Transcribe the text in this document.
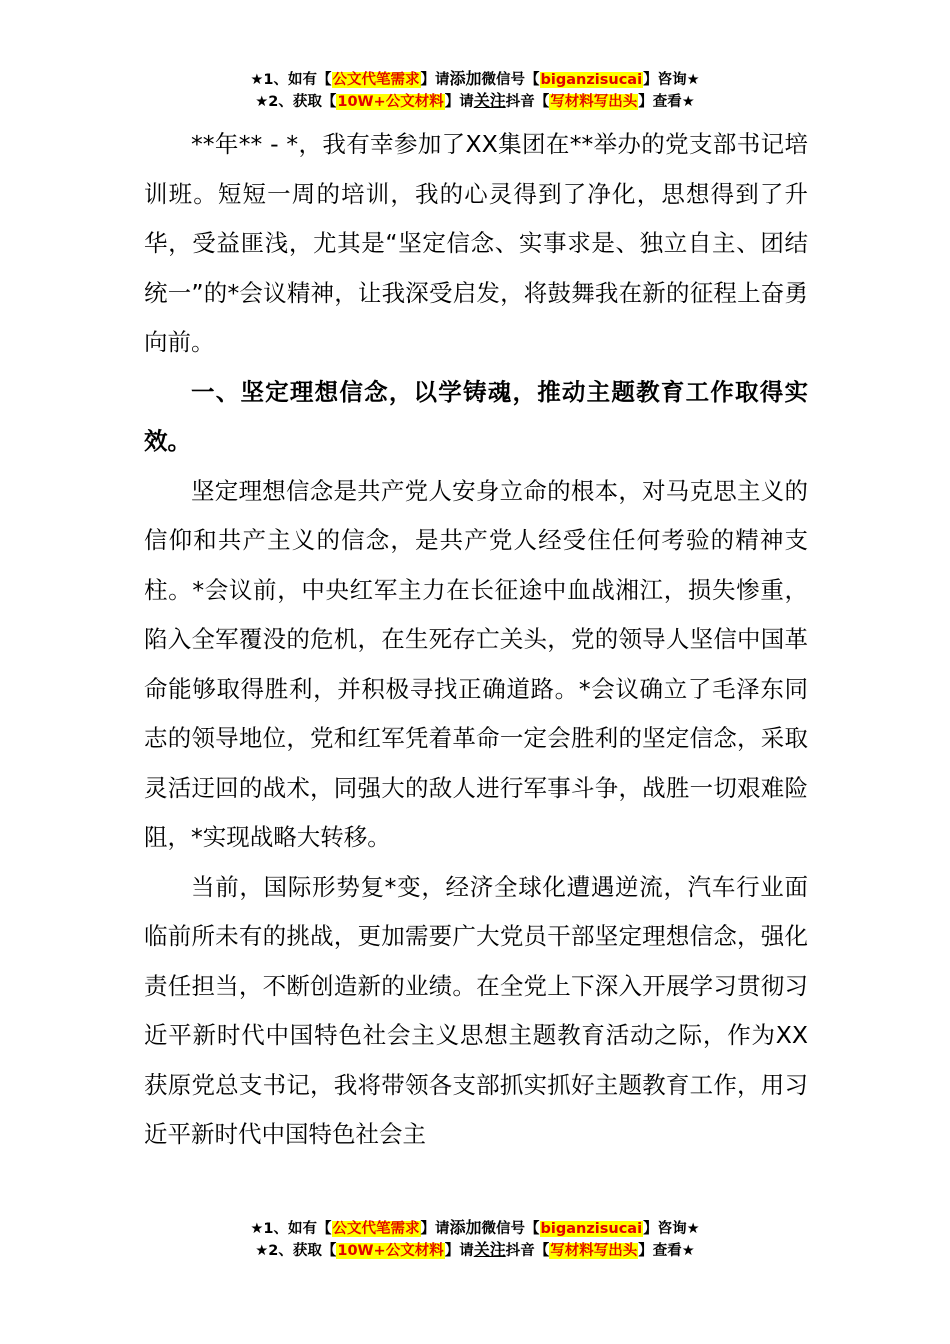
★1、如有【公文代笔需求】请添加微信号【biganzisucai】咨询★
★2、获取【10W+公文材料】请关注抖音【写材料写出头】查看★

**年** - *，我有幸参加了XX集团在**举办的党支部书记培训班。短短一周的培训，我的心灵得到了净化，思想得到了升华，受益匪浅，尤其是“坚定信念、实事求是、独立自主、团结统一”的*会议精神，让我深受启发，将鼓舞我在新的征程上奋勇向前。

一、坚定理想信念，以学铸魂，推动主题教育工作取得实效。

坚定理想信念是共产党人安身立命的根本，对马克思主义的信仰和共产主义的信念，是共产党人经受住任何考验的精神支柱。*会议前，中央红军主力在长征途中血战湘江，损失惨重，陷入全军覆没的危机，在生死存亡关头，党的领导人坚信中国革命能够取得胜利，并积极寻找正确道路。*会议确立了毛泽东同志的领导地位，党和红军凭着革命一定会胜利的坚定信念，采取灵活迂回的战术，同强大的敌人进行军事斗争，战胜一切艰难险阻，*实现战略大转移。

当前，国际形势复*变，经济全球化遭遇逆流，汽车行业面临前所未有的挑战，更加需要广大党员干部坚定理想信念，强化责任担当，不断创造新的业绩。在全党上下深入开展学习贯彻习近平新时代中国特色社会主义思想主题教育活动之际，作为XX获原党总支书记，我将带领各支部抓实抓好主题教育工作，用习近平新时代中国特色社会主

★1、如有【公文代笔需求】请添加微信号【biganzisucai】咨询★
★2、获取【10W+公文材料】请关注抖音【写材料写出头】查看★
